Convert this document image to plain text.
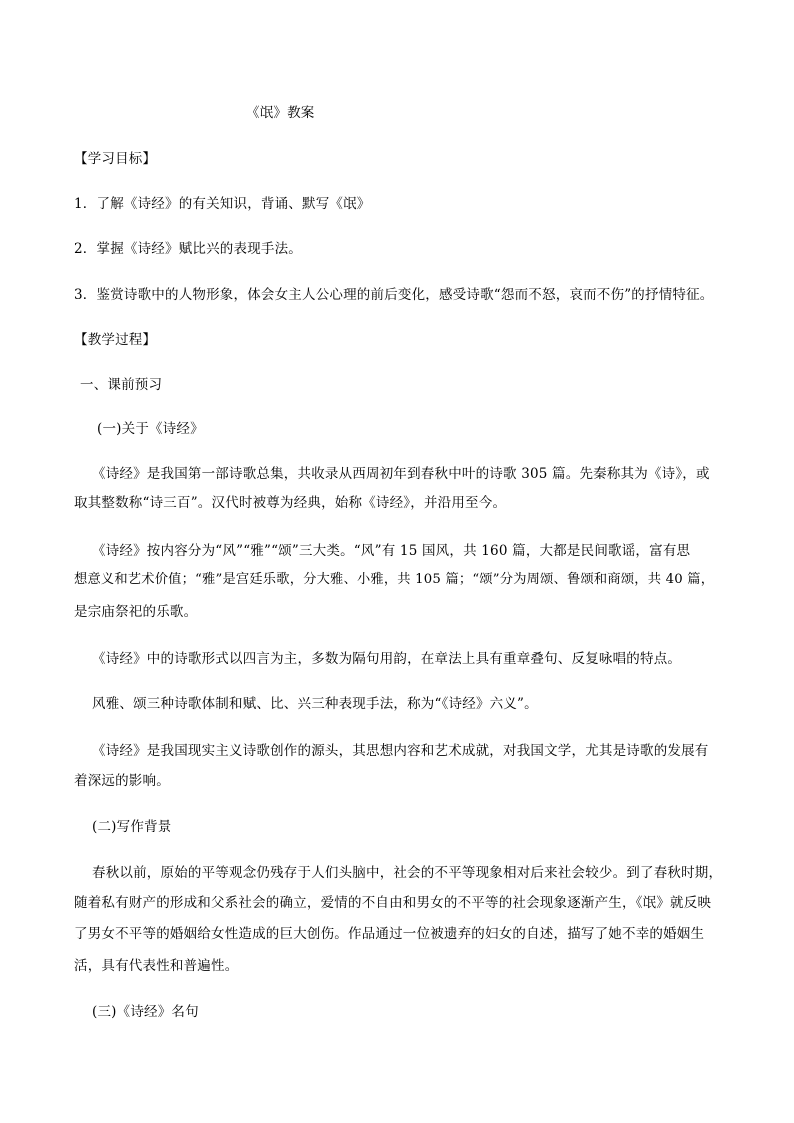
《氓》教案
【学习目标】
1．了解《诗经》的有关知识，背诵、默写《氓》
2．掌握《诗经》赋比兴的表现手法。
3．鉴赏诗歌中的人物形象，体会女主人公心理的前后变化，感受诗歌“怨而不怒，哀而不伤”的抒情特征。
【教学过程】
一、课前预习
(一)关于《诗经》
《诗经》是我国第一部诗歌总集，共收录从西周初年到春秋中叶的诗歌 305 篇。先秦称其为《诗》，或
取其整数称“诗三百”。汉代时被尊为经典，始称《诗经》，并沿用至今。
《诗经》按内容分为“风”“雅”“颂”三大类。“风”有 15 国风，共 160 篇，大都是民间歌谣，富有思
想意义和艺术价值；“雅”是宫廷乐歌，分大雅、小雅，共 105 篇；“颂”分为周颂、鲁颂和商颂，共 40 篇，
是宗庙祭祀的乐歌。
《诗经》中的诗歌形式以四言为主，多数为隔句用韵，在章法上具有重章叠句、反复咏唱的特点。
风雅、颂三种诗歌体制和赋、比、兴三种表现手法，称为“《诗经》六义”。
《诗经》是我国现实主义诗歌创作的源头，其思想内容和艺术成就，对我国文学，尤其是诗歌的发展有
着深远的影响。
(二)写作背景
春秋以前，原始的平等观念仍残存于人们头脑中，社会的不平等现象相对后来社会较少。到了春秋时期，
随着私有财产的形成和父系社会的确立，爱情的不自由和男女的不平等的社会现象逐渐产生，《氓》就反映
了男女不平等的婚姻给女性造成的巨大创伤。作品通过一位被遗弃的妇女的自述，描写了她不幸的婚姻生
活，具有代表性和普遍性。
(三)《诗经》名句
